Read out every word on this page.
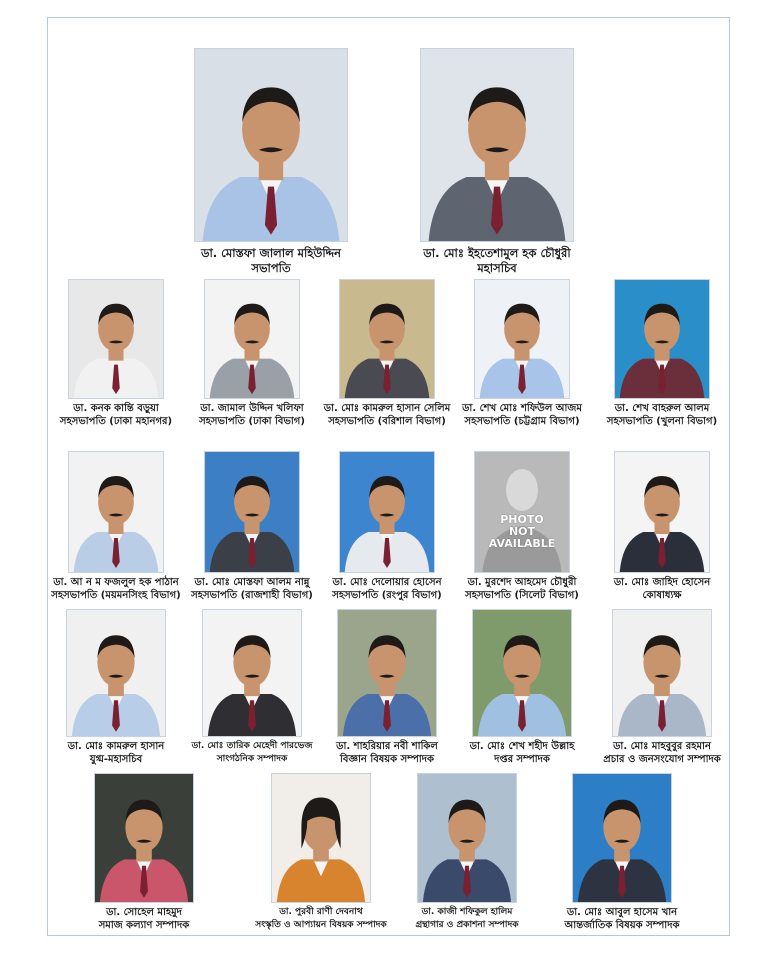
ডা. মোস্তফা জালাল মহিউদ্দিন
সভাপতি
ডা. মোঃ ইহতেশামুল হক চৌধুরী
মহাসচিব
ডা. কনক কান্তি বড়ুয়া
সহসভাপতি (ঢাকা মহানগর)
ডা. জামাল উদ্দিন খলিফা
সহসভাপতি (ঢাকা বিভাগ)
ডা. মোঃ কামরুল হাসান সেলিম
সহসভাপতি (বরিশাল বিভাগ)
ডা. শেখ মোঃ শফিউল আজম
সহসভাপতি (চট্টগ্রাম বিভাগ)
ডা. শেখ বাহরুল আলম
সহসভাপতি (খুলনা বিভাগ)
ডা. আ ন ম ফজলুল হক পাঠান
সহসভাপতি (ময়মনসিংহ বিভাগ)
ডা. মোঃ মোস্তফা আলম নান্নু
সহসভাপতি (রাজশাহী বিভাগ)
ডা. মোঃ দেলোয়ার হোসেন
সহসভাপতি (রংপুর বিভাগ)
PHOTO
NOT
AVAILABLE
ডা. মুরশেদ আহমেদ চৌধুরী
সহসভাপতি (সিলেট বিভাগ)
ডা. মোঃ জাহিদ হোসেন
কোষাধ্যক্ষ
ডা. মোঃ কামরুল হাসান
যুগ্ম-মহাসচিব
ডা. মোঃ তারিক মেহেদী পারভেজ
সাংগঠনিক সম্পাদক
ডা. শাহরিয়ার নবী শাকিল
বিজ্ঞান বিষয়ক সম্পাদক
ডা. মোঃ শেখ শহীদ উল্লাহ
দপ্তর সম্পাদক
ডা. মোঃ মাহবুবুর রহমান
প্রচার ও জনসংযোগ সম্পাদক
ডা. সোহেল মাহমুদ
সমাজ কল্যাণ সম্পাদক
ডা. পুরবী রাণী দেবনাথ
সংস্কৃতি ও আপ্যায়ন বিষয়ক সম্পাদক
ডা. কাজী শফিকুল হালিম
গ্রন্থাগার ও প্রকাশনা সম্পাদক
ডা. মোঃ আবুল হাসেম খান
আন্তর্জাতিক বিষয়ক সম্পাদক
